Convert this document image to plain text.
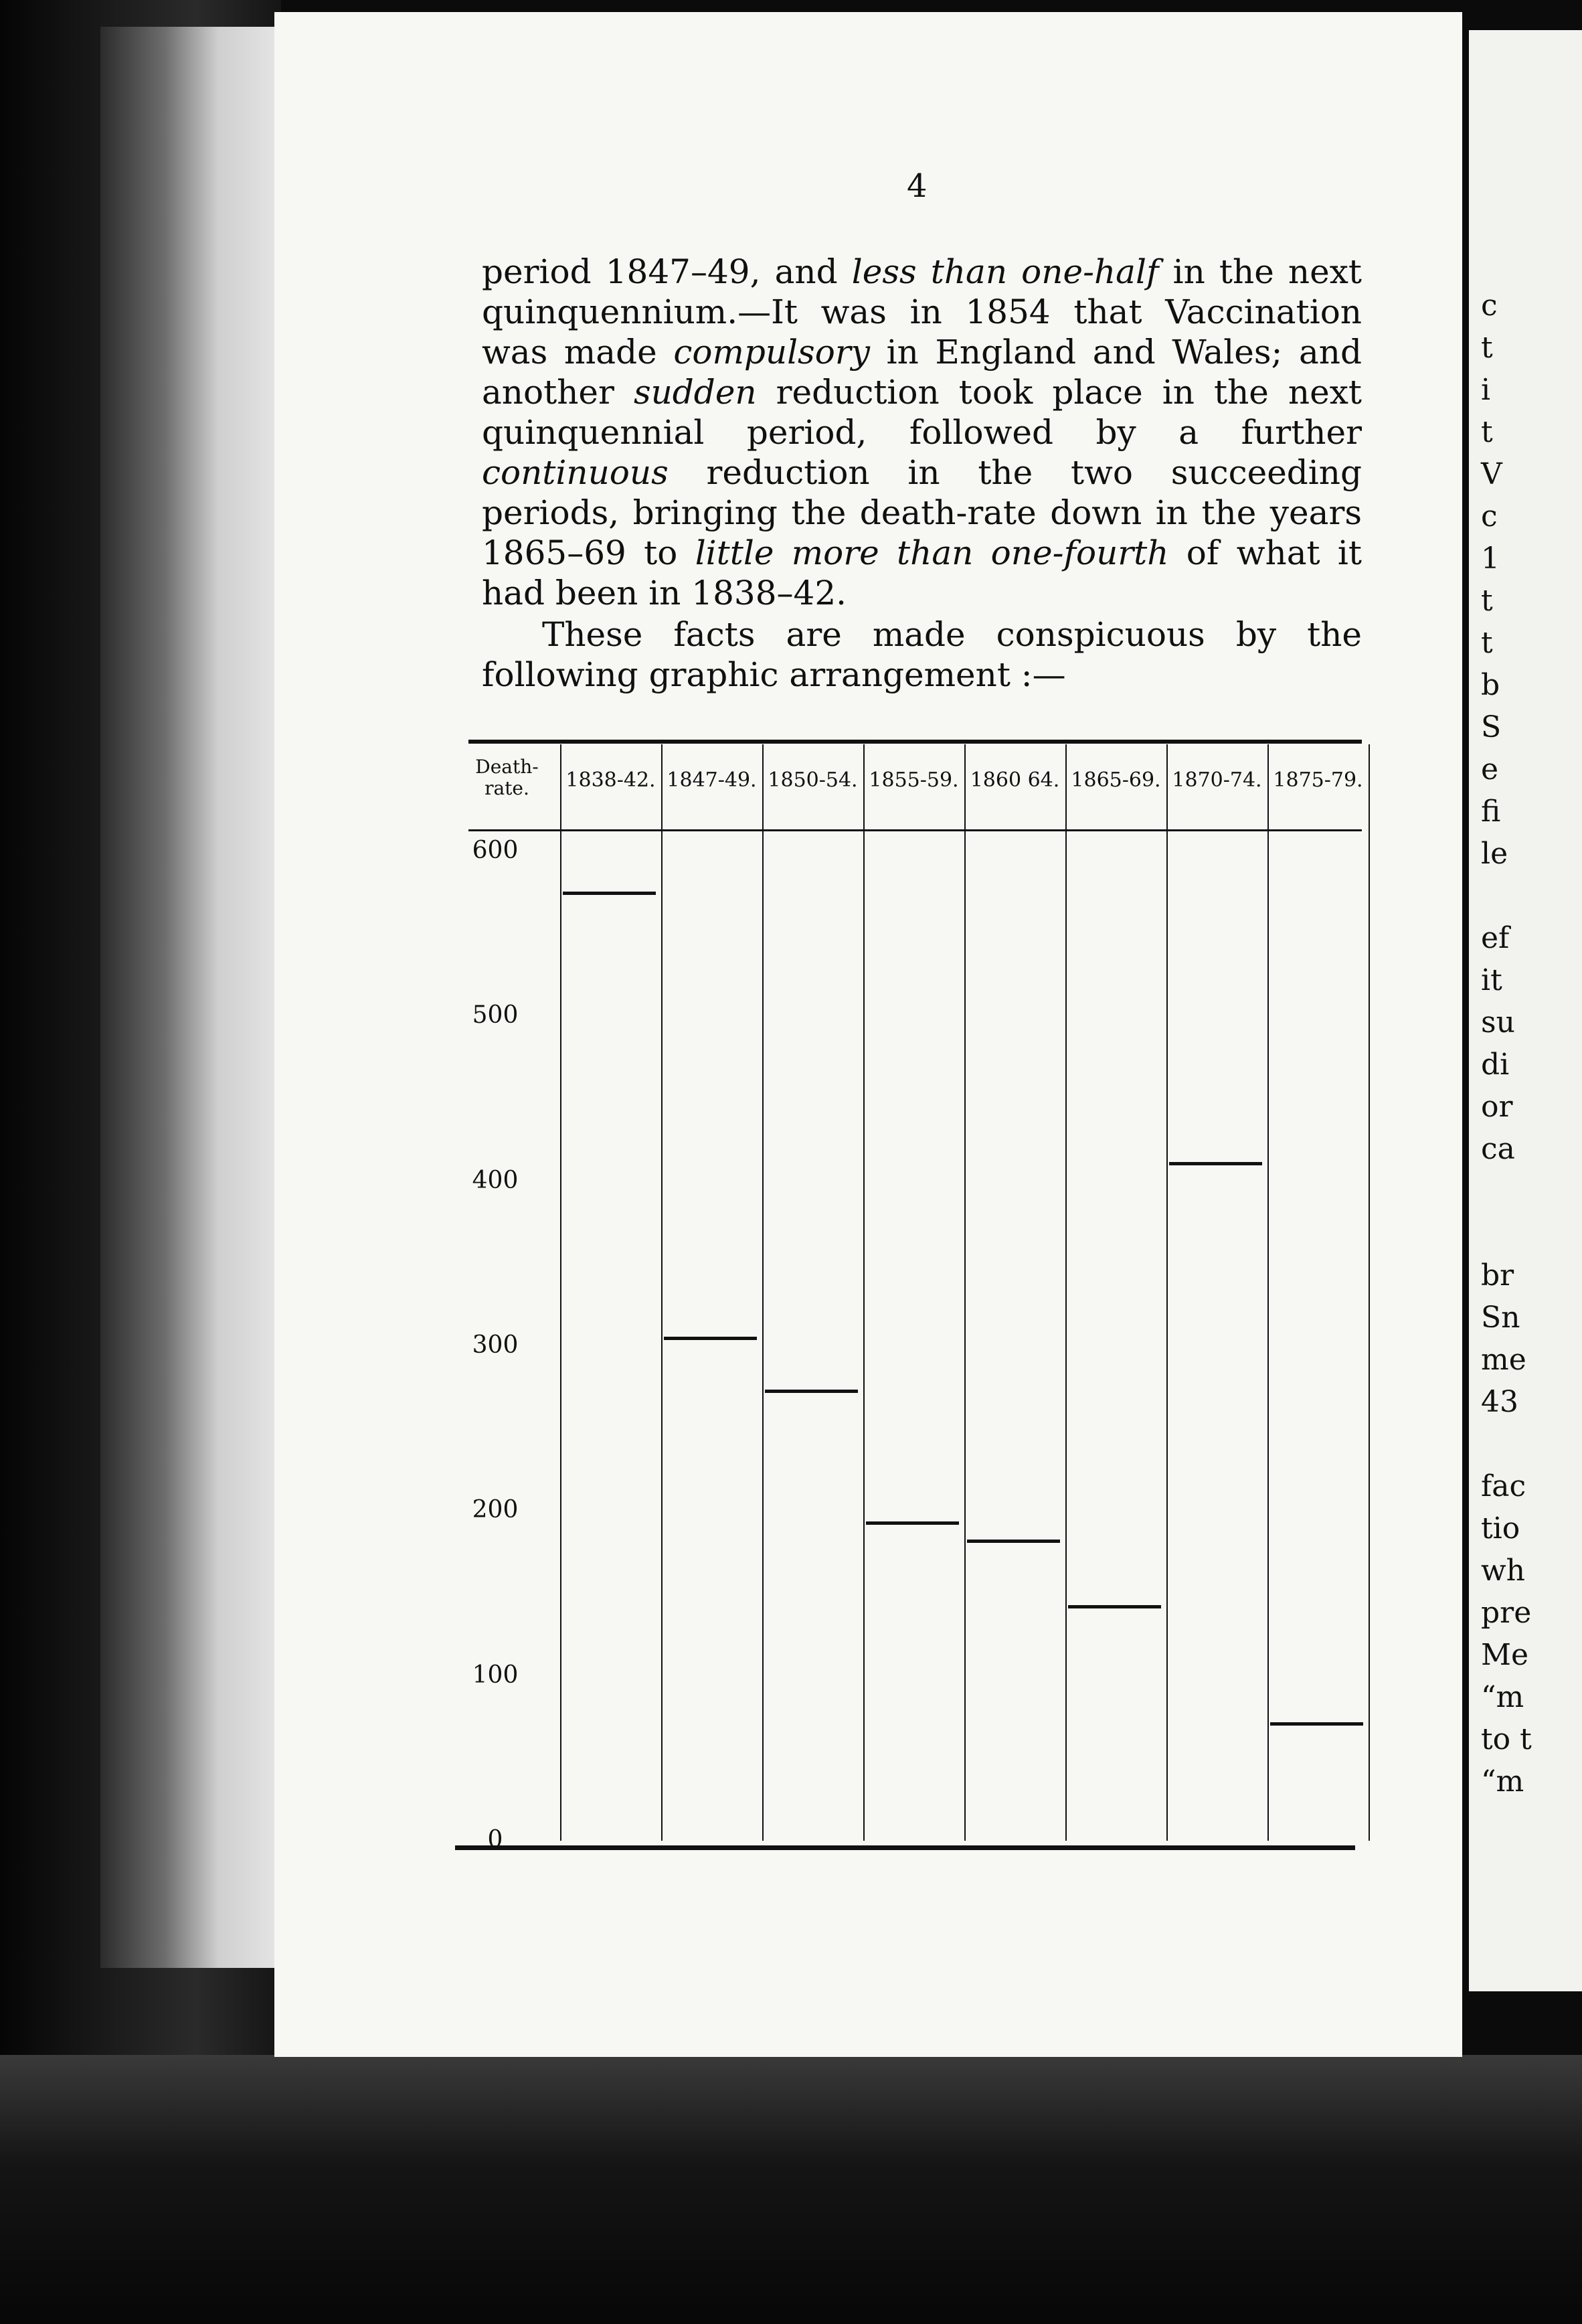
c
t
i
t
V
c
1
t
t
b
S
e
fi
le

ef
it
su
di
or
ca

br
Sn
me
43

fac
tio
wh
pre
Me
“m
to t
“m
4

period 1847–49, and less than one-half in the next quinquennium.—It was in 1854 that Vaccination was made compulsory in England and Wales; and another sudden reduction took place in the next quinquennial period, followed by a further continuous reduction in the two succeeding periods, bringing the death-rate down in the years 1865–69 to little more than one-fourth of what it had been in 1838–42.

These facts are made conspicuous by the following graphic arrangement :—

Death-rate.	1838-42. 1847-49. 1850-54. 1855-59. 1860 64. 1865-69. 1870-74. 1875-79.
600
500
400
300
200
100
0
